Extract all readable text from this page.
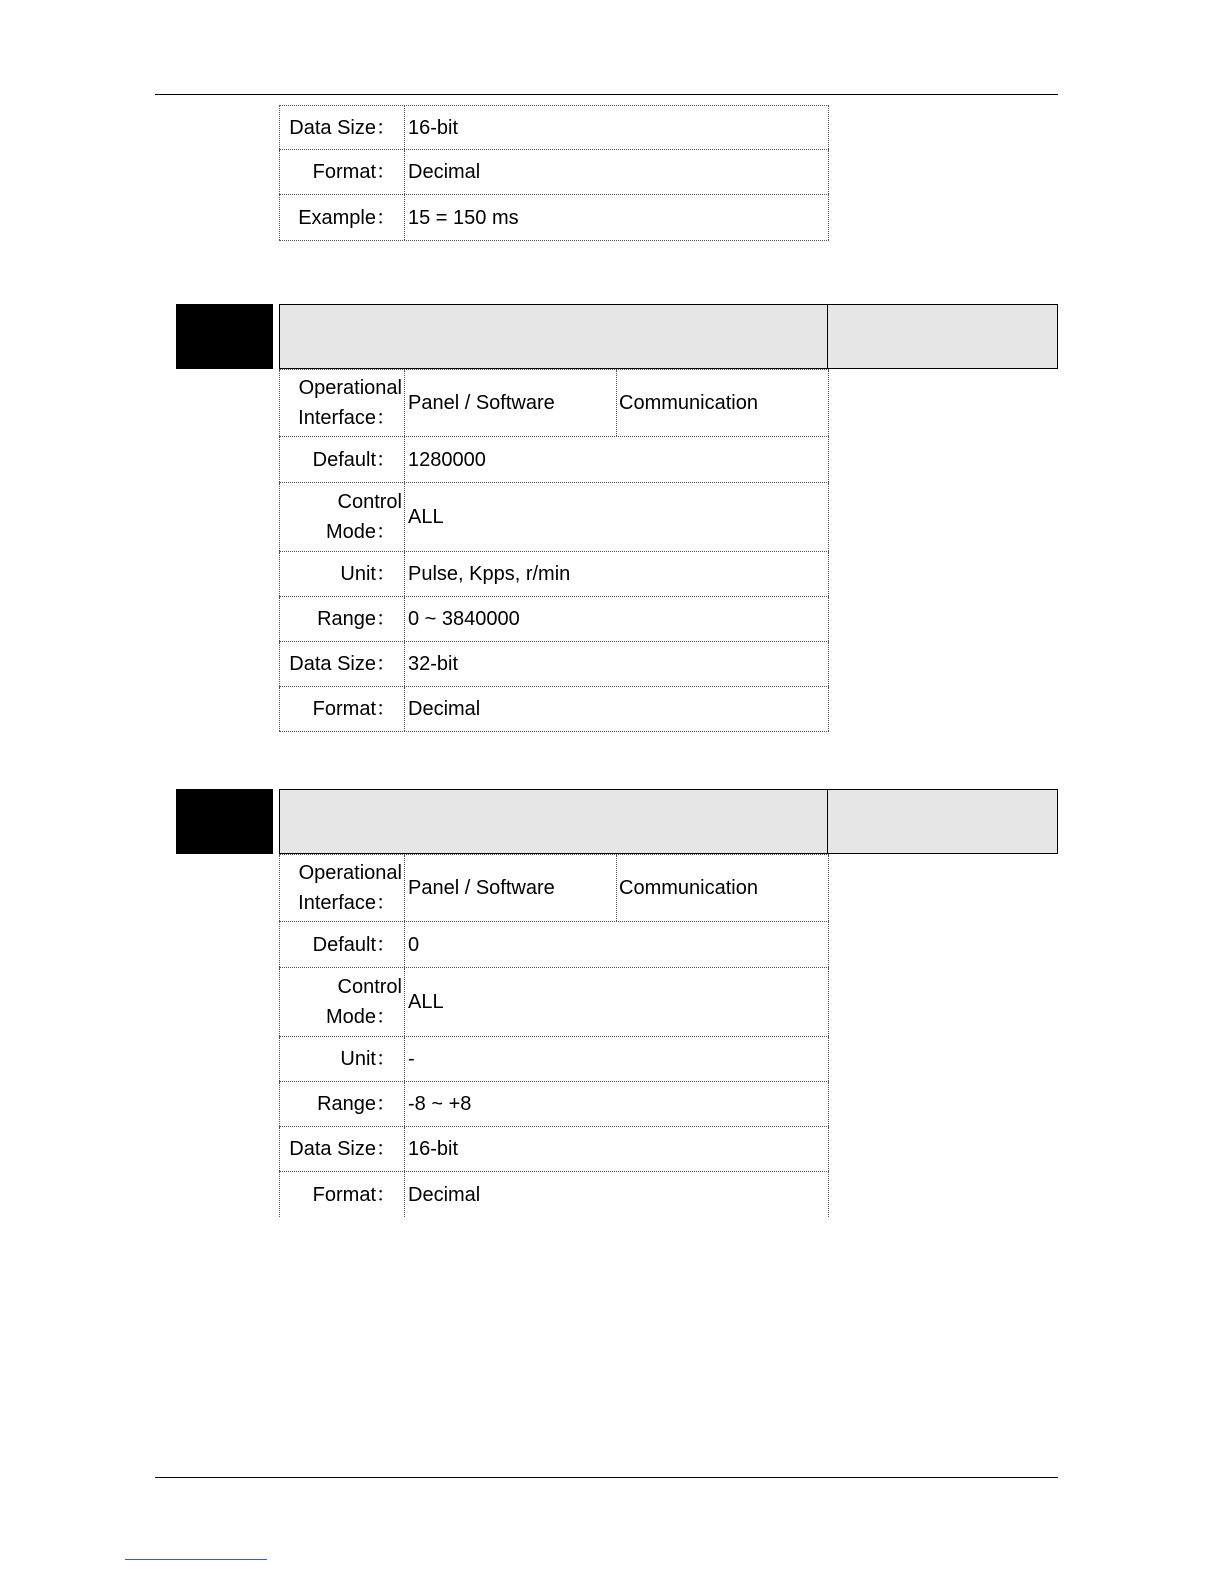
Data Size： 16-bit
Format： Decimal
Example： 15 = 150 ms
Operational
Interface：
Panel / Software	Communication
Default： 1280000
Control
Mode：
ALL
Unit： Pulse, Kpps, r/min
Range： 0 ~ 3840000
Data Size： 32-bit
Format： Decimal
Operational
Interface：
Panel / Software	Communication
Default： 0
Control
Mode：
ALL
Unit： -
Range： -8 ~ +8
Data Size： 16-bit
Format： Decimal
